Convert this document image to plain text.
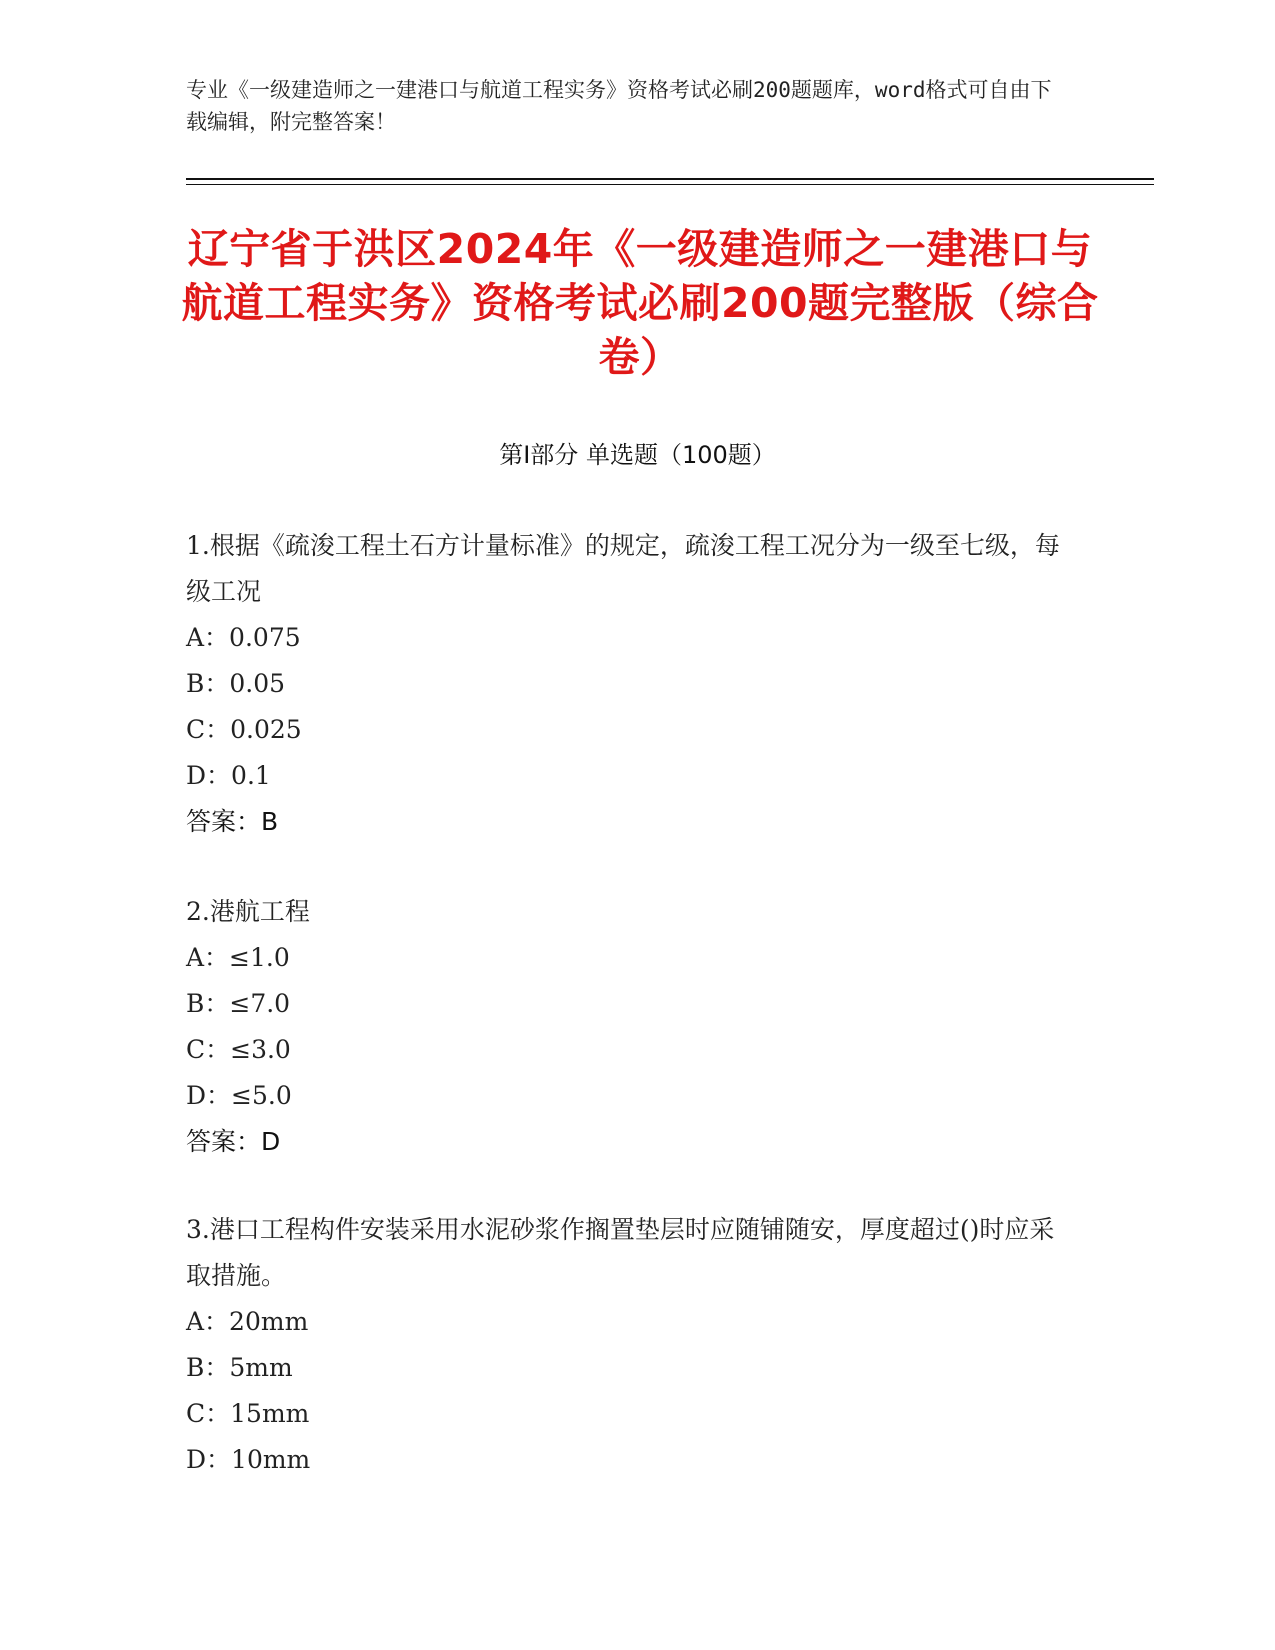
专业《一级建造师之一建港口与航道工程实务》资格考试必刷200题题库，word格式可自由下载编辑，附完整答案！
辽宁省于洪区2024年《一级建造师之一建港口与航道工程实务》资格考试必刷200题完整版（综合卷）
第I部分 单选题（100题）
1.根据《疏浚工程土石方计量标准》的规定，疏浚工程工况分为一级至七级，每级工况
A：0.075
B：0.05
C：0.025
D：0.1
答案：B
2.港航工程
A：≤1.0
B：≤7.0
C：≤3.0
D：≤5.0
答案：D
3.港口工程构件安装采用水泥砂浆作搁置垫层时应随铺随安，厚度超过()时应采取措施。
A：20mm
B：5mm
C：15mm
D：10mm
